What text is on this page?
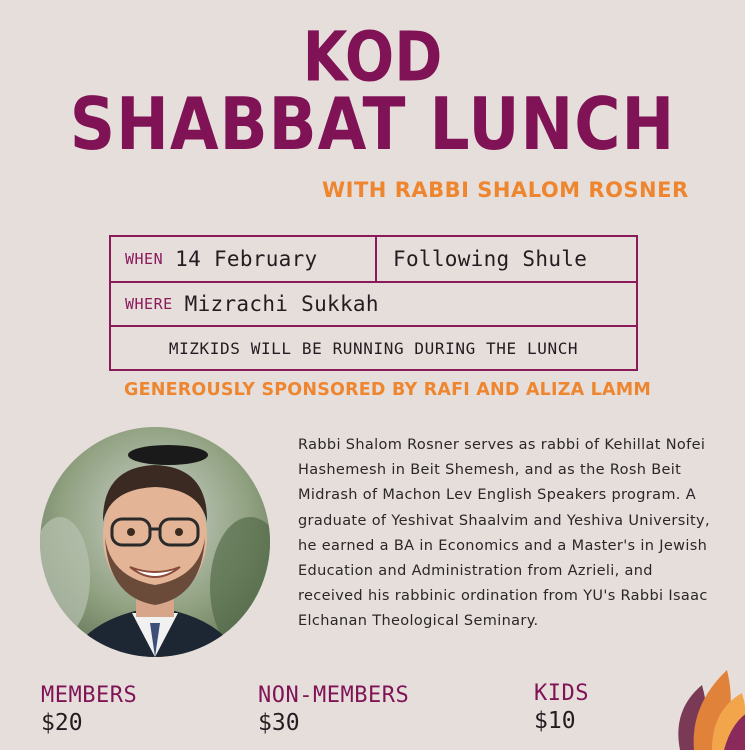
KOD
SHABBAT LUNCH
WITH RABBI SHALOM ROSNER
WHEN 14 February	Following Shule
WHERE Mizrachi Sukkah
MIZKIDS WILL BE RUNNING DURING THE LUNCH
GENEROUSLY SPONSORED BY RAFI AND ALIZA LAMM
Rabbi Shalom Rosner serves as rabbi of Kehillat Nofei Hashemesh in Beit Shemesh, and as the Rosh Beit Midrash of Machon Lev English Speakers program. A graduate of Yeshivat Shaalvim and Yeshiva University, he earned a BA in Economics and a Master's in Jewish Education and Administration from Azrieli, and received his rabbinic ordination from YU's Rabbi Isaac Elchanan Theological Seminary.
MEMBERS
$20
NON-MEMBERS
$30
KIDS
$10
